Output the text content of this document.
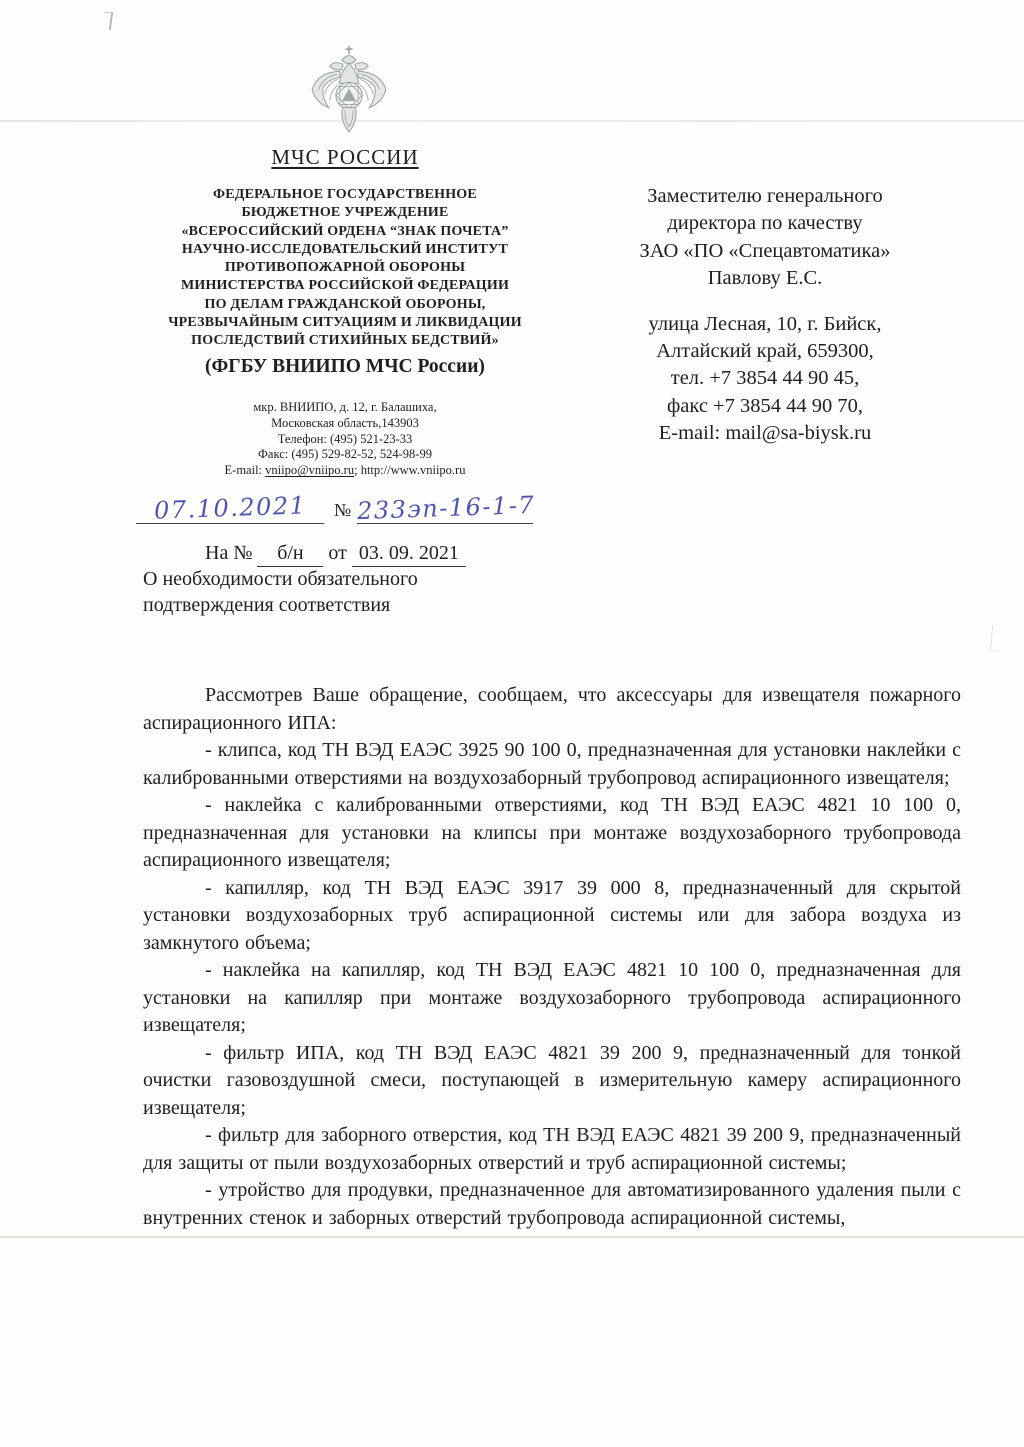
МЧС РОССИИ
ФЕДЕРАЛЬНОЕ ГОСУДАРСТВЕННОЕ
БЮДЖЕТНОЕ УЧРЕЖДЕНИЕ
«ВСЕРОССИЙСКИЙ ОРДЕНА “ЗНАК ПОЧЕТА”
НАУЧНО-ИССЛЕДОВАТЕЛЬСКИЙ ИНСТИТУТ
ПРОТИВОПОЖАРНОЙ ОБОРОНЫ
МИНИСТЕРСТВА РОССИЙСКОЙ ФЕДЕРАЦИИ
ПО ДЕЛАМ ГРАЖДАНСКОЙ ОБОРОНЫ,
ЧРЕЗВЫЧАЙНЫМ СИТУАЦИЯМ И ЛИКВИДАЦИИ
ПОСЛЕДСТВИЙ СТИХИЙНЫХ БЕДСТВИЙ»
(ФГБУ ВНИИПО МЧС России)
мкр. ВНИИПО, д. 12, г. Балашиха,
Московская область,143903
Телефон: (495) 521-23-33
Факс: (495) 529-82-52, 524-98-99
E-mail: vniipo@vniipo.ru; http://www.vniipo.ru
Заместителю генерального
директора по качеству
ЗАО «ПО «Спецавтоматика»
Павлову Е.С.
улица Лесная, 10, г. Бийск,
Алтайский край, 659300,
тел. +7 3854 44 90 45,
факс +7 3854 44 90 70,
E-mail: mail@sa-biysk.ru
07.10.2021 № 233эп-16-1-7
На № б/н от 03. 09. 2021
О необходимости обязательного
подтверждения соответствия

Рассмотрев Ваше обращение, сообщаем, что аксессуары для извещателя пожарного аспирационного ИПА:

- клипса, код ТН ВЭД ЕАЭС 3925 90 100 0, предназначенная для установки наклейки с калиброванными отверстиями на воздухозаборный трубопровод аспирационного извещателя;

- наклейка с калиброванными отверстиями, код ТН ВЭД ЕАЭС 4821 10 100 0, предназначенная для установки на клипсы при монтаже воздухозаборного трубопровода аспирационного извещателя;

- капилляр, код ТН ВЭД ЕАЭС 3917 39 000 8, предназначенный для скрытой установки воздухозаборных труб аспирационной системы или для забора воздуха из замкнутого объема;

- наклейка на капилляр, код ТН ВЭД ЕАЭС 4821 10 100 0, предназначенная для установки на капилляр при монтаже воздухозаборного трубопровода аспирационного извещателя;

- фильтр ИПА, код ТН ВЭД ЕАЭС 4821 39 200 9, предназначенный для тонкой очистки газовоздушной смеси, поступающей в измерительную камеру аспирационного извещателя;

- фильтр для заборного отверстия, код ТН ВЭД ЕАЭС 4821 39 200 9, предназначенный для защиты от пыли воздухозаборных отверстий и труб аспирационной системы;

- утройство для продувки, предназначенное для автоматизированного удаления пыли с внутренних стенок и заборных отверстий трубопровода аспирационной системы,
